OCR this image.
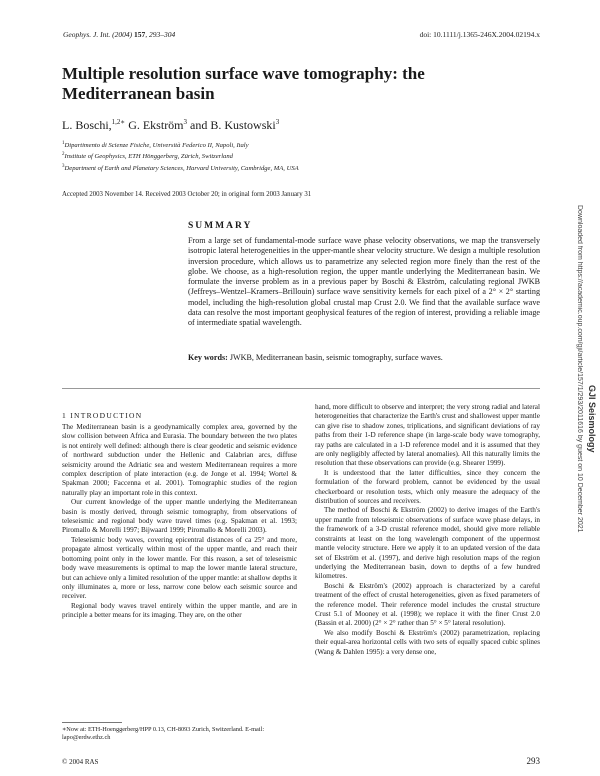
Geophys. J. Int. (2004) 157, 293–304	doi: 10.1111/j.1365-246X.2004.02194.x
Multiple resolution surface wave tomography: the Mediterranean basin
L. Boschi,$^{1,2∗}$ G. Ekström$^3$ and B. Kustowski$^3$
$^1$Dipartimento di Scienze Fisiche, Università Federico II, Napoli, Italy
$^2$Institute of Geophysics, ETH Hönggerberg, Zürich, Switzerland
$^3$Department of Earth and Planetary Sciences, Harvard University, Cambridge, MA, USA
Accepted 2003 November 14. Received 2003 October 20; in original form 2003 January 31
SUMMARY
From a large set of fundamental-mode surface wave phase velocity observations, we map the transversely isotropic lateral heterogeneities in the upper-mantle shear velocity structure. We design a multiple resolution inversion procedure, which allows us to parametrize any selected region more finely than the rest of the globe. We choose, as a high-resolution region, the upper mantle underlying the Mediterranean basin. We formulate the inverse problem as in a previous paper by Boschi & Ekström, calculating regional JWKB (Jeffreys–Wentzel–Kramers–Brillouin) surface wave sensitivity kernels for each pixel of a 2° × 2° starting model, including the high-resolution global crustal map Crust 2.0. We find that the available surface wave data can resolve the most important geophysical features of the region of interest, providing a reliable image of intermediate spatial wavelength.
Key words: JWKB, Mediterranean basin, seismic tomography, surface waves.
1 INTRODUCTION

The Mediterranean basin is a geodynamically complex area, governed by the slow collision between Africa and Eurasia. The boundary between the two plates is not entirely well defined: although there is clear geodetic and seismic evidence of northward subduction under the Hellenic and Calabrian arcs, diffuse seismicity around the Adriatic sea and western Mediterranean requires a more complex description of plate interaction (e.g. de Jonge et al. 1994; Wortel & Spakman 2000; Faccenna et al. 2001). Tomographic studies of the region naturally play an important role in this context.

Our current knowledge of the upper mantle underlying the Mediterranean basin is mostly derived, through seismic tomography, from observations of teleseismic and regional body wave travel times (e.g. Spakman et al. 1993; Piromallo & Morelli 1997; Bijwaard 1999; Piromallo & Morelli 2003).

Teleseismic body waves, covering epicentral distances of ca 25° and more, propagate almost vertically within most of the upper mantle, and reach their bottoming point only in the lower mantle. For this reason, a set of teleseismic body wave measurements is optimal to map the lower mantle lateral structure, but can achieve only a limited resolution of the upper mantle: at shallow depths it only illuminates a, more or less, narrow cone below each seismic source and receiver.

Regional body waves travel entirely within the upper mantle, and are in principle a better means for its imaging. They are, on the other

hand, more difficult to observe and interpret; the very strong radial and lateral heterogeneities that characterize the Earth's crust and shallowest upper mantle can give rise to shadow zones, triplications, and significant deviations of ray paths from their 1-D reference shape (in large-scale body wave tomography, ray paths are calculated in a 1-D reference model and it is assumed that they are only negligibly affected by lateral anomalies). All this naturally limits the resolution that these observations can provide (e.g. Shearer 1999).

It is understood that the latter difficulties, since they concern the formulation of the forward problem, cannot be evidenced by the usual checkerboard or resolution tests, which only measure the adequacy of the distribution of sources and receivers.

The method of Boschi & Ekström (2002) to derive images of the Earth's upper mantle from teleseismic observations of surface wave phase delays, in the framework of a 3-D crustal reference model, should give more reliable constraints at least on the long wavelength component of the uppermost mantle velocity structure. Here we apply it to an updated version of the data set of Ekström et al. (1997), and derive high resolution maps of the region underlying the Mediterranean basin, down to depths of a few hundred kilometres.

Boschi & Ekström's (2002) approach is characterized by a careful treatment of the effect of crustal heterogeneities, given as fixed parameters of the reference model. Their reference model includes the crustal structure Crust 5.1 of Mooney et al. (1998); we replace it with the finer Crust 2.0 (Bassin et al. 2000) (2° × 2° rather than 5° × 5° lateral resolution).

We also modify Boschi & Ekström's (2002) parametrization, replacing their equal-area horizontal cells with two sets of equally spaced cubic splines (Wang & Dahlen 1995): a very dense one,

∗Now at: ETH-Hoenggerberg/HPP 0.13, CH-8093 Zurich, Switzerland. E-mail: lapo@erdw.ethz.ch
© 2004 RAS	293
Downloaded from https://academic.oup.com/gji/article/157/1/293/2011616 by guest on 10 December 2021 GJI Seismology
